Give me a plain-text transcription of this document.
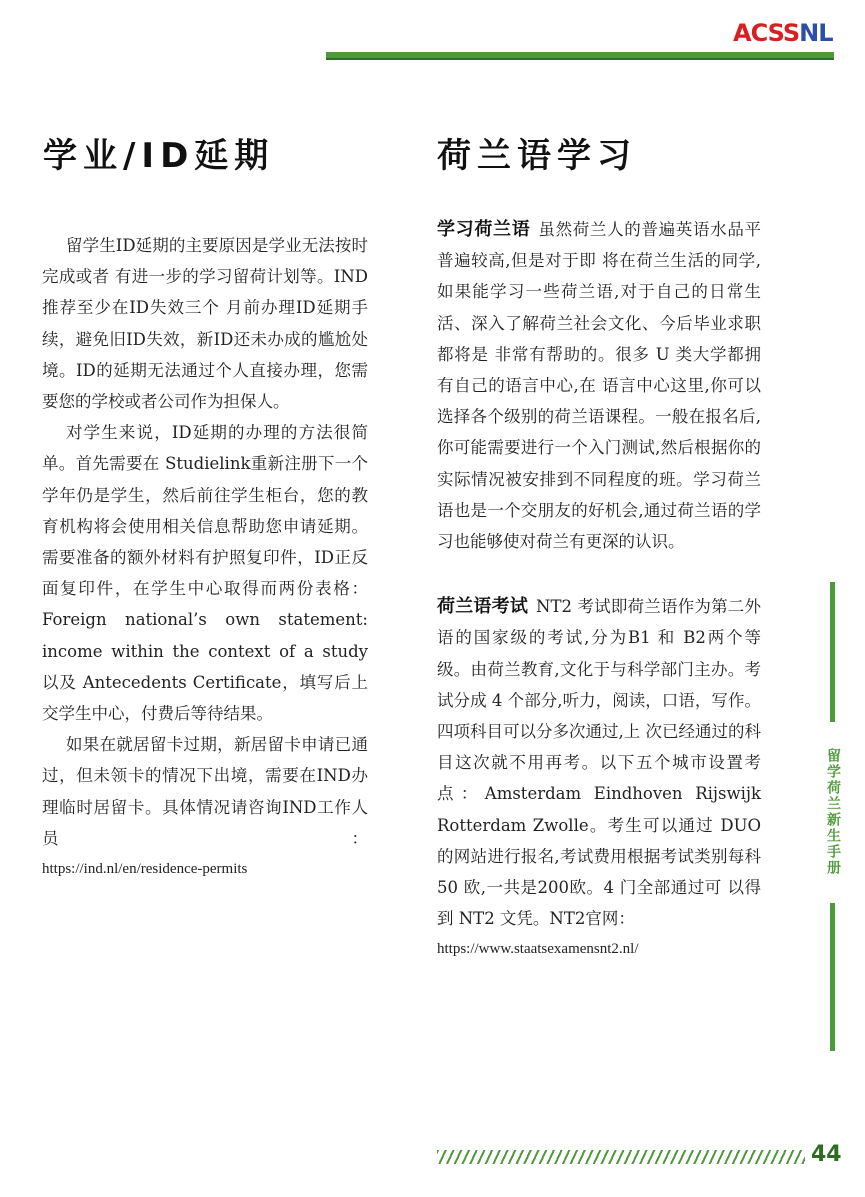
ACSSNL
学业/ID延期	荷兰语学习

留学生ID延期的主要原因是学业无法按时完成或者 有进一步的学习留荷计划等。IND推荐至少在ID失效三个 月前办理ID延期手续，避免旧ID失效，新ID还未办成的尴尬处境。ID的延期无法通过个人直接办理，您需要您的学校或者公司作为担保人。

对学生来说，ID延期的办理的方法很简单。首先需要在 Studielink重新注册下一个学年仍是学生，然后前往学生柜台，您的教育机构将会使用相关信息帮助您申请延期。需要准备的额外材料有护照复印件，ID正反面复印件，在学生中心取得而两份表格：Foreign national’s own statement: income within the context of a study 以及 Antecedents Certificate，填写后上交学生中心，付费后等待结果。

如果在就居留卡过期，新居留卡申请已通过，但未领卡的情况下出境，需要在IND办理临时居留卡。具体情况请咨询IND工作人员：

https://ind.nl/en/residence-permits

学习荷兰语 虽然荷兰人的普遍英语水品平普遍较高,但是对于即 将在荷兰生活的同学,如果能学习一些荷兰语,对于自己的日常生活、深入了解荷兰社会文化、今后毕业求职都将是 非常有帮助的。很多 U 类大学都拥有自己的语言中心,在 语言中心这里,你可以选择各个级别的荷兰语课程。一般在报名后,你可能需要进行一个入门测试,然后根据你的实际情况被安排到不同程度的班。学习荷兰语也是一个交朋友的好机会,通过荷兰语的学习也能够使对荷兰有更深的认识。

荷兰语考试 NT2 考试即荷兰语作为第二外语的国家级的考试,分为B1 和 B2两个等级。由荷兰教育,文化于与科学部门主办。考试分成 4 个部分,听力，阅读，口语，写作。四项科目可以分多次通过,上 次已经通过的科目这次就不用再考。以下五个城市设置考 点：Amsterdam Eindhoven Rijswijk Rotterdam Zwolle。考生可以通过 DUO 的网站进行报名,考试费用根据考试类别每科 50 欧,一共是200欧。4 门全部通过可 以得到 NT2 文凭。NT2官网：

https://www.staatsexamensnt2.nl/

留学荷兰新生手册
44
